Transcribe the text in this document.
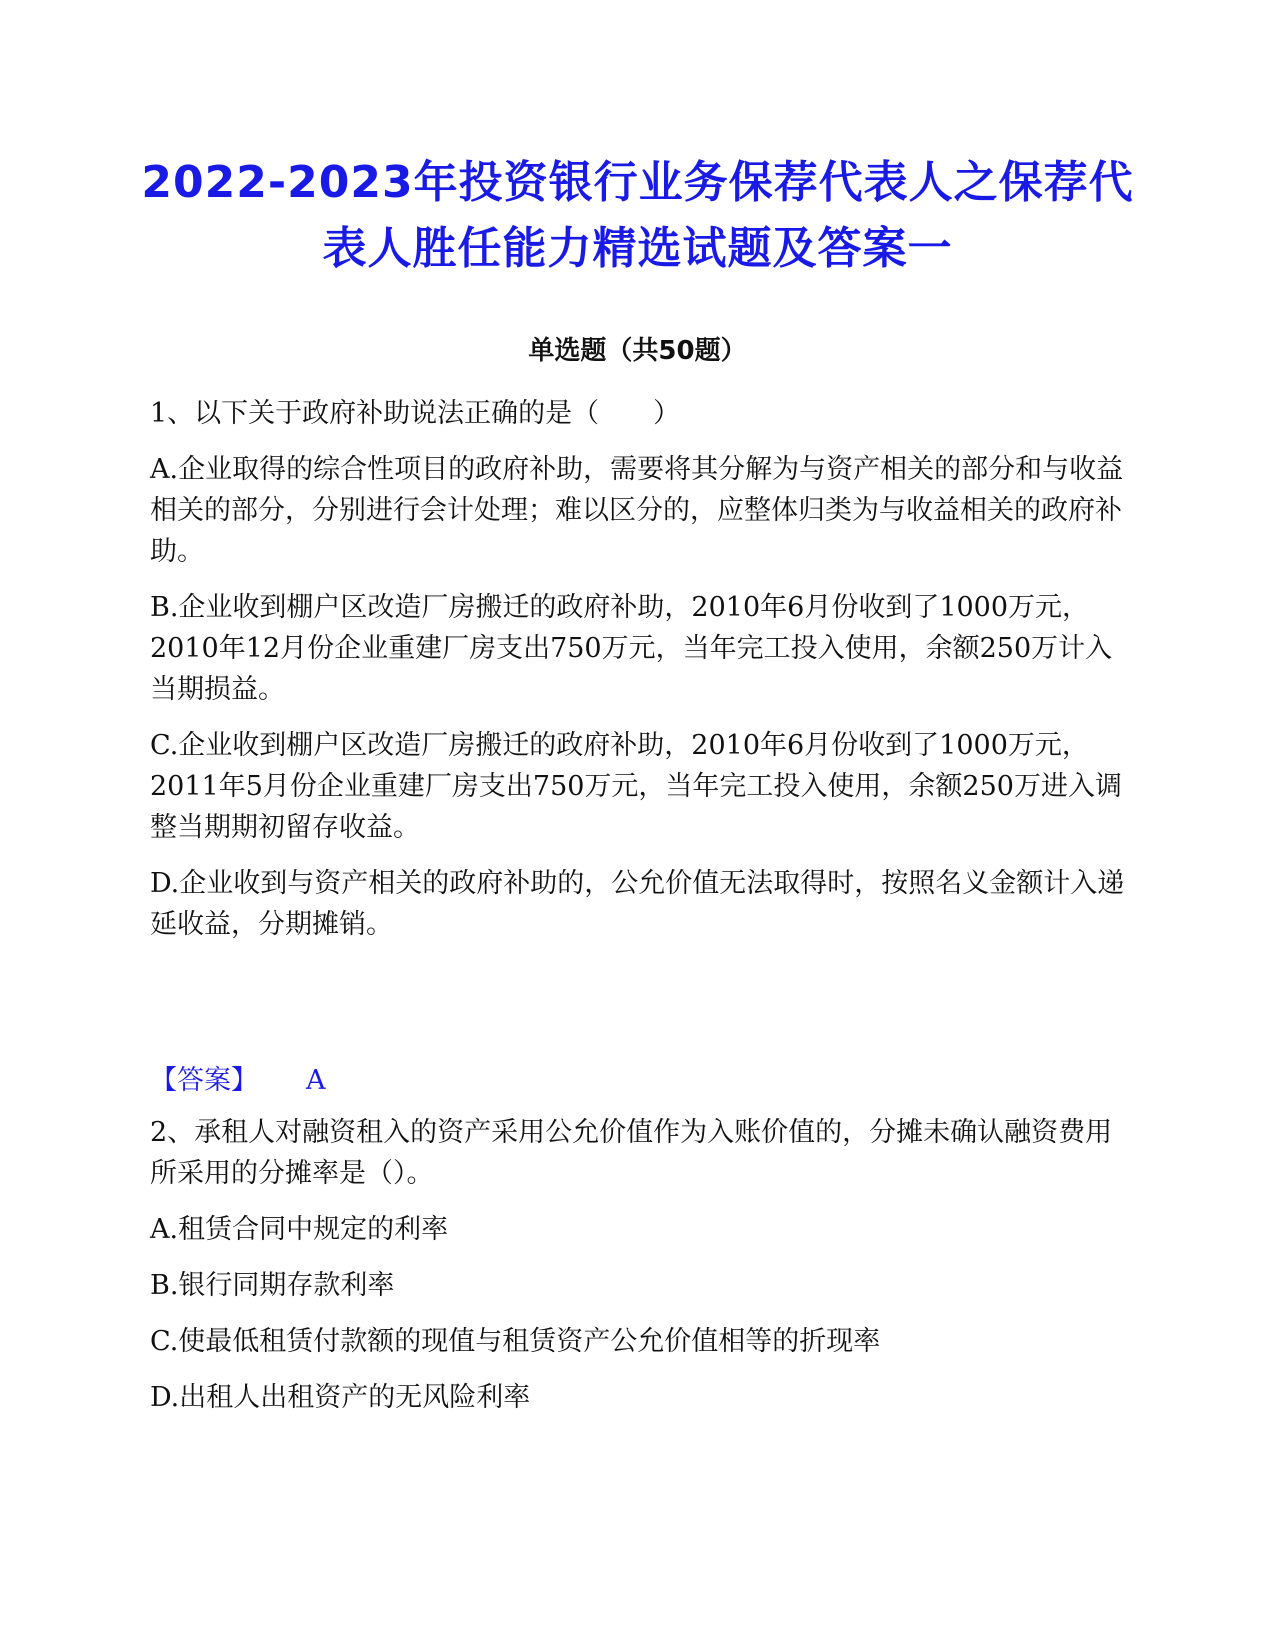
2022-2023年投资银行业务保荐代表人之保荐代表人胜任能力精选试题及答案一
单选题（共50题）

1、以下关于政府补助说法正确的是（　　）

A.企业取得的综合性项目的政府补助，需要将其分解为与资产相关的部分和与收益相关的部分，分别进行会计处理；难以区分的，应整体归类为与收益相关的政府补助。

B.企业收到棚户区改造厂房搬迁的政府补助，2010年6月份收到了1000万元，2010年12月份企业重建厂房支出750万元，当年完工投入使用，余额250万计入当期损益。

C.企业收到棚户区改造厂房搬迁的政府补助，2010年6月份收到了1000万元，2011年5月份企业重建厂房支出750万元，当年完工投入使用，余额250万进入调整当期期初留存收益。

D.企业收到与资产相关的政府补助的，公允价值无法取得时，按照名义金额计入递延收益，分期摊销。

【答案】 A

2、承租人对融资租入的资产采用公允价值作为入账价值的，分摊未确认融资费用所采用的分摊率是（）。

A.租赁合同中规定的利率

B.银行同期存款利率

C.使最低租赁付款额的现值与租赁资产公允价值相等的折现率

D.出租人出租资产的无风险利率
